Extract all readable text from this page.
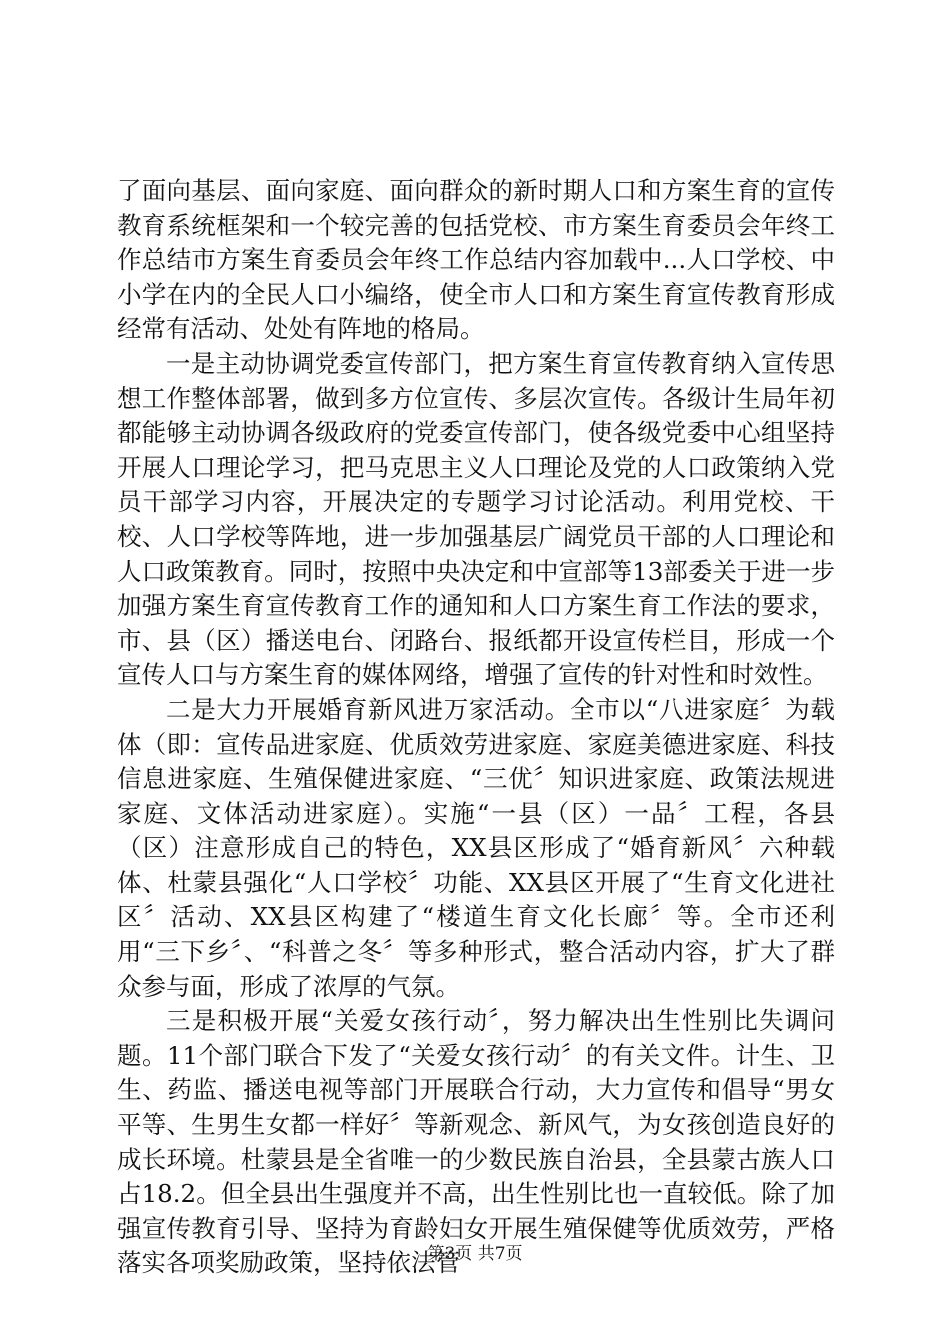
了面向基层、面向家庭、面向群众的新时期人口和方案生育的宣传教育系统框架和一个较完善的包括党校、市方案生育委员会年终工作总结市方案生育委员会年终工作总结内容加载中...人口学校、中小学在内的全民人口小编络，使全市人口和方案生育宣传教育形成经常有活动、处处有阵地的格局。

一是主动协调党委宣传部门，把方案生育宣传教育纳入宣传思想工作整体部署，做到多方位宣传、多层次宣传。各级计生局年初都能够主动协调各级政府的党委宣传部门，使各级党委中心组坚持开展人口理论学习，把马克思主义人口理论及党的人口政策纳入党员干部学习内容，开展决定的专题学习讨论活动。利用党校、干校、人口学校等阵地，进一步加强基层广阔党员干部的人口理论和人口政策教育。同时，按照中央决定和中宣部等13部委关于进一步加强方案生育宣传教育工作的通知和人口方案生育工作法的要求，市、县（区）播送电台、闭路台、报纸都开设宣传栏目，形成一个宣传人口与方案生育的媒体网络，增强了宣传的针对性和时效性。

二是大力开展婚育新风进万家活动。全市以“八进家庭〞为载体（即：宣传品进家庭、优质效劳进家庭、家庭美德进家庭、科技信息进家庭、生殖保健进家庭、“三优〞知识进家庭、政策法规进家庭、文体活动进家庭）。实施“一县（区）一品〞工程，各县（区）注意形成自己的特色，XX县区形成了“婚育新风〞六种载体、杜蒙县强化“人口学校〞功能、XX县区开展了“生育文化进社区〞活动、XX县区构建了“楼道生育文化长廊〞等。全市还利用“三下乡〞、“科普之冬〞等多种形式，整合活动内容，扩大了群众参与面，形成了浓厚的气氛。

三是积极开展“关爱女孩行动〞，努力解决出生性别比失调问题。11个部门联合下发了“关爱女孩行动〞的有关文件。计生、卫生、药监、播送电视等部门开展联合行动，大力宣传和倡导“男女平等、生男生女都一样好〞等新观念、新风气，为女孩创造良好的成长环境。杜蒙县是全省唯一的少数民族自治县，全县蒙古族人口占18.2。但全县出生强度并不高，出生性别比也一直较低。除了加强宣传教育引导、坚持为育龄妇女开展生殖保健等优质效劳，严格落实各项奖励政策，坚持依法管

第3页 共7页
